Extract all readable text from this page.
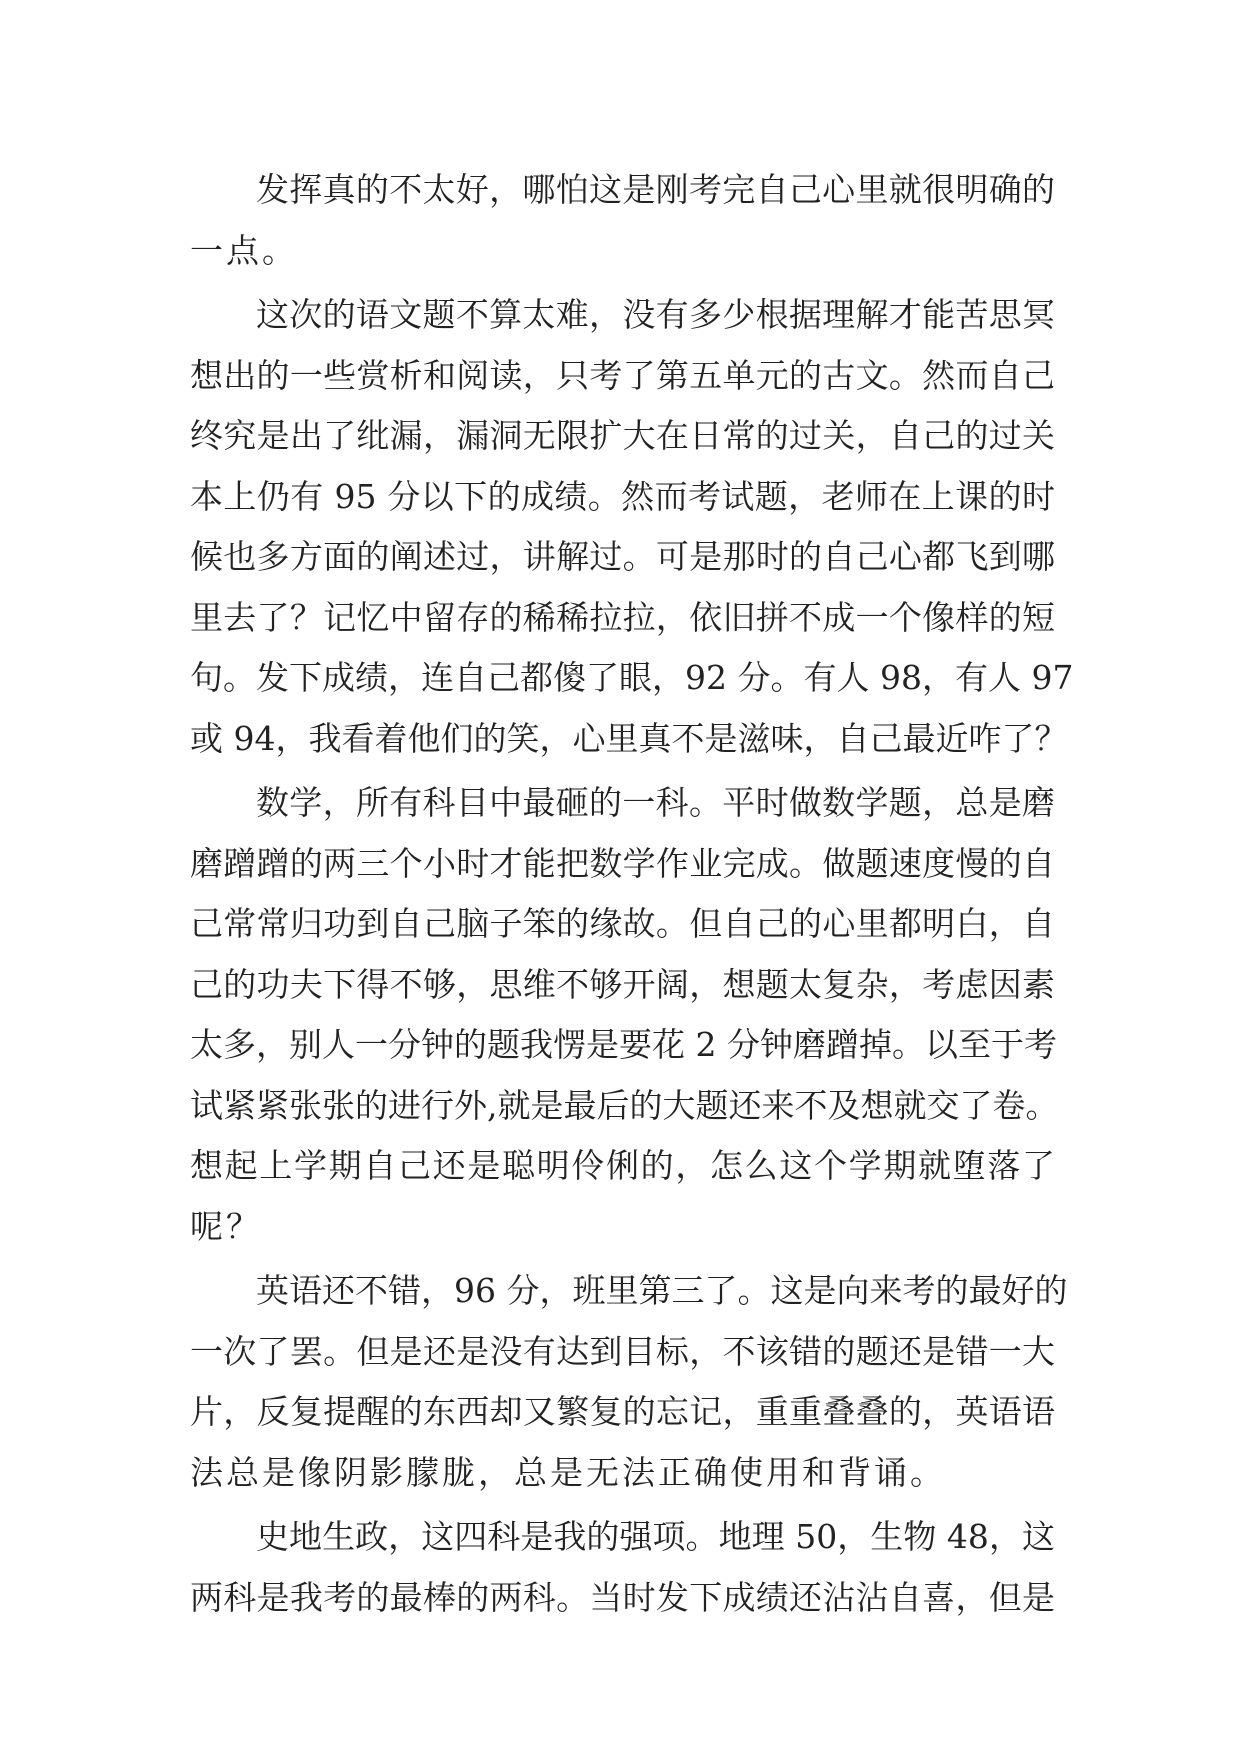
发挥真的不太好，哪怕这是刚考完自己心里就很明确的
一点。
这次的语文题不算太难，没有多少根据理解才能苦思冥
想出的一些赏析和阅读，只考了第五单元的古文。然而自己
终究是出了纰漏，漏洞无限扩大在日常的过关，自己的过关
本上仍有 95 分以下的成绩。然而考试题，老师在上课的时
候也多方面的阐述过，讲解过。可是那时的自己心都飞到哪
里去了？记忆中留存的稀稀拉拉，依旧拼不成一个像样的短
句。发下成绩，连自己都傻了眼，92 分。有人 98，有人 97
或 94，我看着他们的笑，心里真不是滋味，自己最近咋了？
数学，所有科目中最砸的一科。平时做数学题，总是磨
磨蹭蹭的两三个小时才能把数学作业完成。做题速度慢的自
己常常归功到自己脑子笨的缘故。但自己的心里都明白，自
己的功夫下得不够，思维不够开阔，想题太复杂，考虑因素
太多，别人一分钟的题我愣是要花 2 分钟磨蹭掉。以至于考
试紧紧张张的进行外,就是最后的大题还来不及想就交了卷。
想起上学期自己还是聪明伶俐的，怎么这个学期就堕落了
呢？
英语还不错，96 分，班里第三了。这是向来考的最好的
一次了罢。但是还是没有达到目标，不该错的题还是错一大
片，反复提醒的东西却又繁复的忘记，重重叠叠的，英语语
法总是像阴影朦胧，总是无法正确使用和背诵。
史地生政，这四科是我的强项。地理 50，生物 48，这
两科是我考的最棒的两科。当时发下成绩还沾沾自喜，但是
